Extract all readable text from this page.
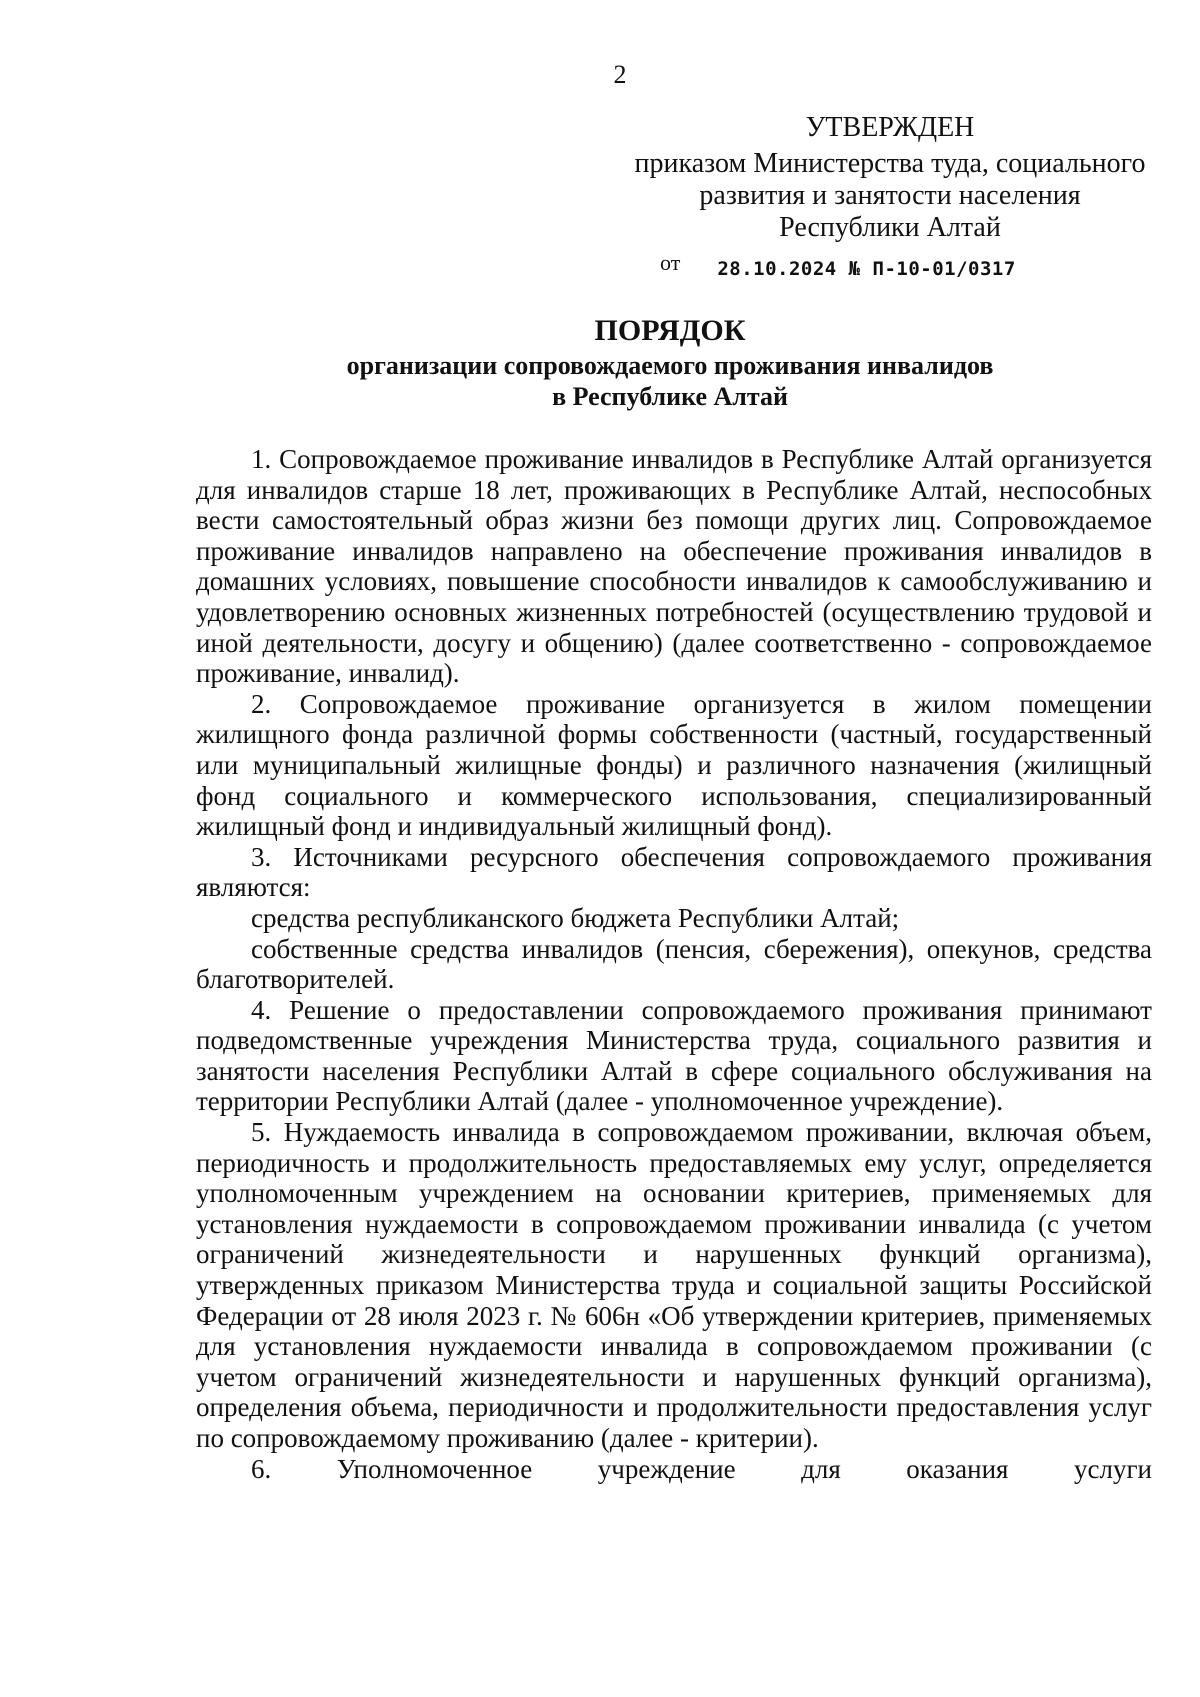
2
УТВЕРЖДЕН
приказом Министерства туда, социального
развития и занятости населения
Республики Алтай
$^{от}$ 28.10.2024 № П-10-01/0317
ПОРЯДОК
организации сопровождаемого проживания инвалидов
в Республике Алтай

1. Сопровождаемое проживание инвалидов в Республике Алтай организуется для инвалидов старше 18 лет, проживающих в Республике Алтай, неспособных вести самостоятельный образ жизни без помощи других лиц. Сопровождаемое проживание инвалидов направлено на обеспечение проживания инвалидов в домашних условиях, повышение способности инвалидов к самообслуживанию и удовлетворению основных жизненных потребностей (осуществлению трудовой и иной деятельности, досугу и общению) (далее соответственно - сопровождаемое проживание, инвалид).

2. Сопровождаемое проживание организуется в жилом помещении жилищного фонда различной формы собственности (частный, государственный или муниципальный жилищные фонды) и различного назначения (жилищный фонд социального и коммерческого использования, специализированный жилищный фонд и индивидуальный жилищный фонд).

3. Источниками ресурсного обеспечения сопровождаемого проживания являются:

средства республиканского бюджета Республики Алтай;

собственные средства инвалидов (пенсия, сбережения), опекунов, средства благотворителей.

4. Решение о предоставлении сопровождаемого проживания принимают подведомственные учреждения Министерства труда, социального развития и занятости населения Республики Алтай в сфере социального обслуживания на территории Республики Алтай (далее - уполномоченное учреждение).

5. Нуждаемость инвалида в сопровождаемом проживании, включая объем, периодичность и продолжительность предоставляемых ему услуг, определяется уполномоченным учреждением на основании критериев, применяемых для установления нуждаемости в сопровождаемом проживании инвалида (с учетом ограничений жизнедеятельности и нарушенных функций организма), утвержденных приказом Министерства труда и социальной защиты Российской Федерации от 28 июля 2023 г. № 606н «Об утверждении критериев, применяемых для установления нуждаемости инвалида в сопровождаемом проживании (с учетом ограничений жизнедеятельности и нарушенных функций организма), определения объема, периодичности и продолжительности предоставления услуг по сопровождаемому проживанию (далее - критерии).

6. Уполномоченное учреждение для оказания услуги
